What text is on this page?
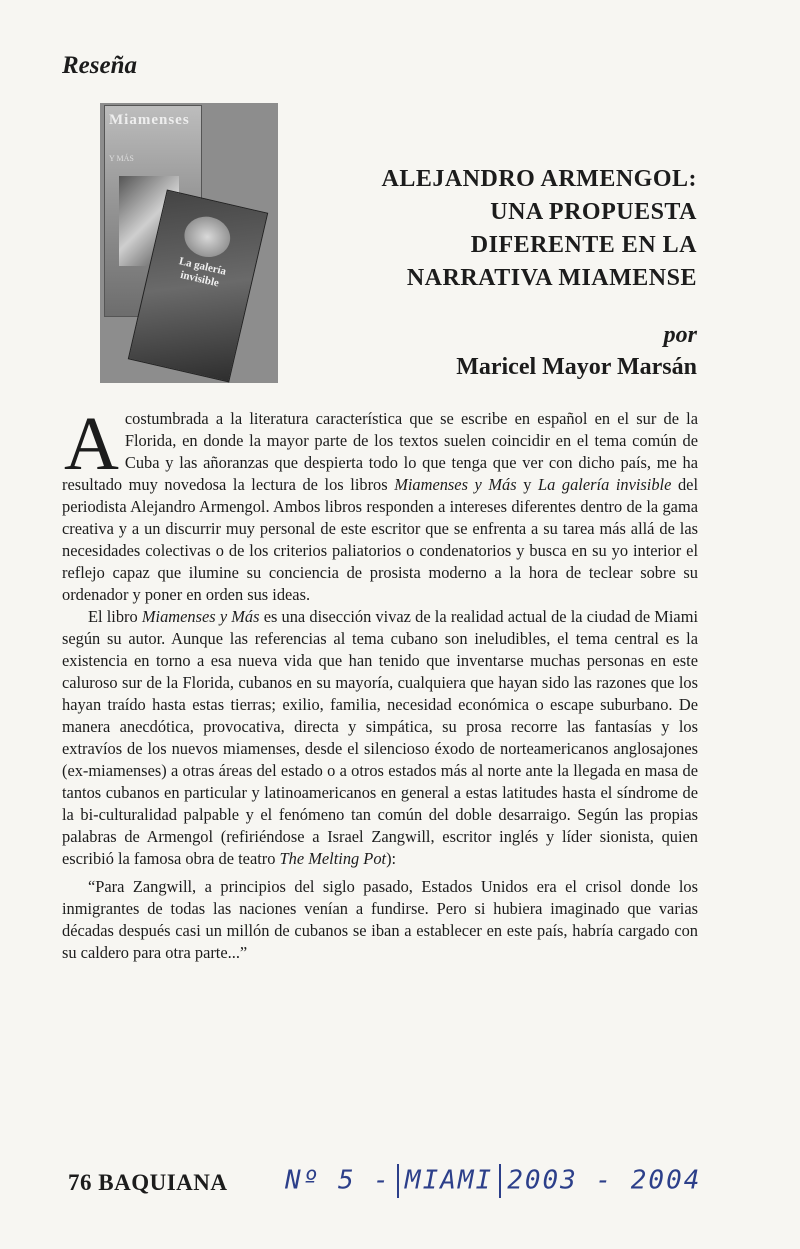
Reseña
Miamenses
Y MÁS
La galería invisible
ALEJANDRO ARMENGOL:
UNA PROPUESTA
DIFERENTE EN LA
NARRATIVA MIAMENSE
por
Maricel Mayor Marsán

Acostumbrada a la literatura característica que se escribe en español en el sur de la Florida, en donde la mayor parte de los textos suelen coincidir en el tema común de Cuba y las añoranzas que despierta todo lo que tenga que ver con dicho país, me ha resultado muy novedosa la lectura de los libros Miamenses y Más y La galería invisible del periodista Alejandro Armengol. Ambos libros responden a intereses diferentes dentro de la gama creativa y a un discurrir muy personal de este escritor que se enfrenta a su tarea más allá de las necesidades colectivas o de los criterios paliatorios o condenatorios y busca en su yo interior el reflejo capaz que ilumine su conciencia de prosista moderno a la hora de teclear sobre su ordenador y poner en orden sus ideas.

El libro Miamenses y Más es una disección vivaz de la realidad actual de la ciudad de Miami según su autor. Aunque las referencias al tema cubano son ineludibles, el tema central es la existencia en torno a esa nueva vida que han tenido que inventarse muchas personas en este caluroso sur de la Florida, cubanos en su mayoría, cualquiera que hayan sido las razones que los hayan traído hasta estas tierras; exilio, familia, necesidad económica o escape suburbano. De manera anecdótica, provocativa, directa y simpática, su prosa recorre las fantasías y los extravíos de los nuevos miamenses, desde el silencioso éxodo de norteamericanos anglosajones (ex-miamenses) a otras áreas del estado o a otros estados más al norte ante la llegada en masa de tantos cubanos en particular y latinoamericanos en general a estas latitudes hasta el síndrome de la bi-culturalidad palpable y el fenómeno tan común del doble desarraigo. Según las propias palabras de Armengol (refiriéndose a Israel Zangwill, escritor inglés y líder sionista, quien escribió la famosa obra de teatro The Melting Pot):

“Para Zangwill, a principios del siglo pasado, Estados Unidos era el crisol donde los inmigrantes de todas las naciones venían a fundirse. Pero si hubiera imaginado que varias décadas después casi un millón de cubanos se iban a establecer en este país, habría cargado con su caldero para otra parte...”

76 BAQUIANA Nº 5 - MIAMI 2003 - 2004
